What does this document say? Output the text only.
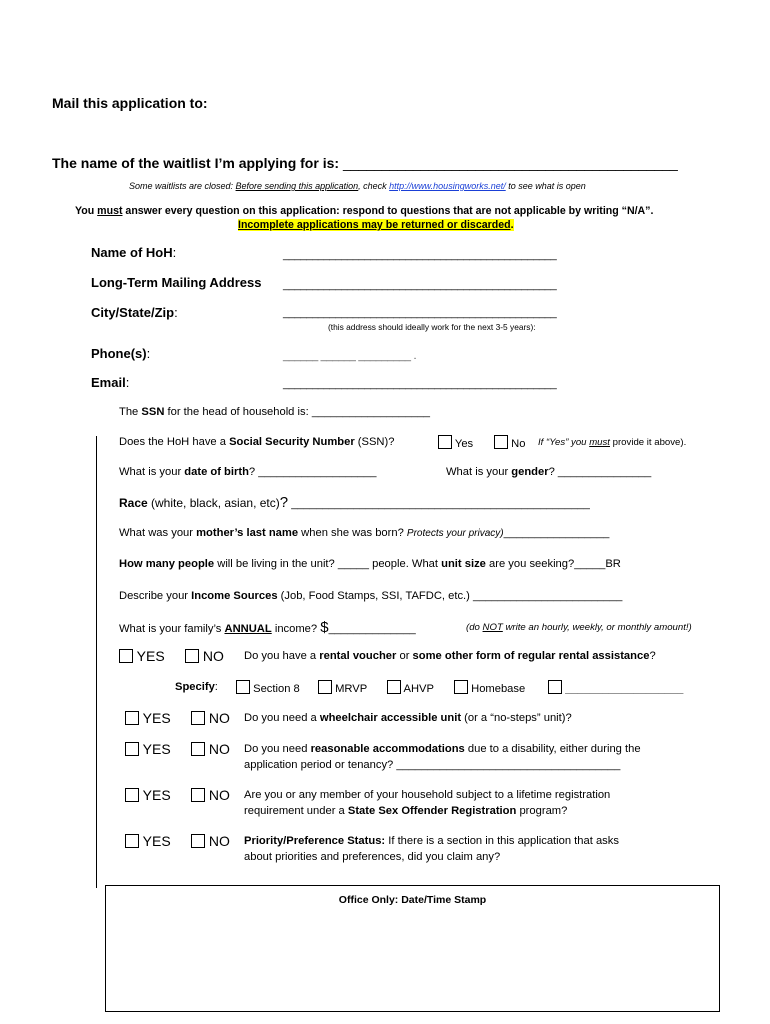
Mail this application to:
The name of the waitlist I’m applying for is: ___________________________________________
Some waitlists are closed: Before sending this application, check http://www.housingworks.net/ to see what is open
You must answer every question on this application: respond to questions that are not applicable by writing “N/A”.
Incomplete applications may be returned or discarded.
Name of HoH:	_______________________________________________
Long-Term Mailing Address _______________________________________________
City/State/Zip:	_______________________________________________
(this address should ideally work for the next 3-5 years):
Phone(s):	______ ______ _________ .
Email:	_______________________________________________
The SSN for the head of household is: ___________________
Does the HoH have a Social Security Number (SSN)?	Yes	No If “Yes” you must provide it above).
What is your date of birth? ___________________	What is your gender? _______________
Race (white, black, asian, etc)? ________________________________________________
What was your mother’s last name when she was born? Protects your privacy)_________________
How many people will be living in the unit? _____ people. What unit size are you seeking?_____BR
Describe your Income Sources (Job, Food Stamps, SSI, TAFDC, etc.) ________________________
What is your family’s ANNUAL income? $______________	(do NOT write an hourly, weekly, or monthly amount!)
YES	NO Do you have a rental voucher or some other form of regular rental assistance?
Specify:	Section 8	MRVP	AHVP	Homebase	___________________
YES	NO Do you need a wheelchair accessible unit (or a “no-steps” unit)?
YES	NO Do you need reasonable accommodations due to a disability, either during the
application period or tenancy? ____________________________________
YES	NO Are you or any member of your household subject to a lifetime registration
requirement under a State Sex Offender Registration program?
YES	NO Priority/Preference Status: If there is a section in this application that asks
about priorities and preferences, did you claim any?
Office Only: Date/Time Stamp
